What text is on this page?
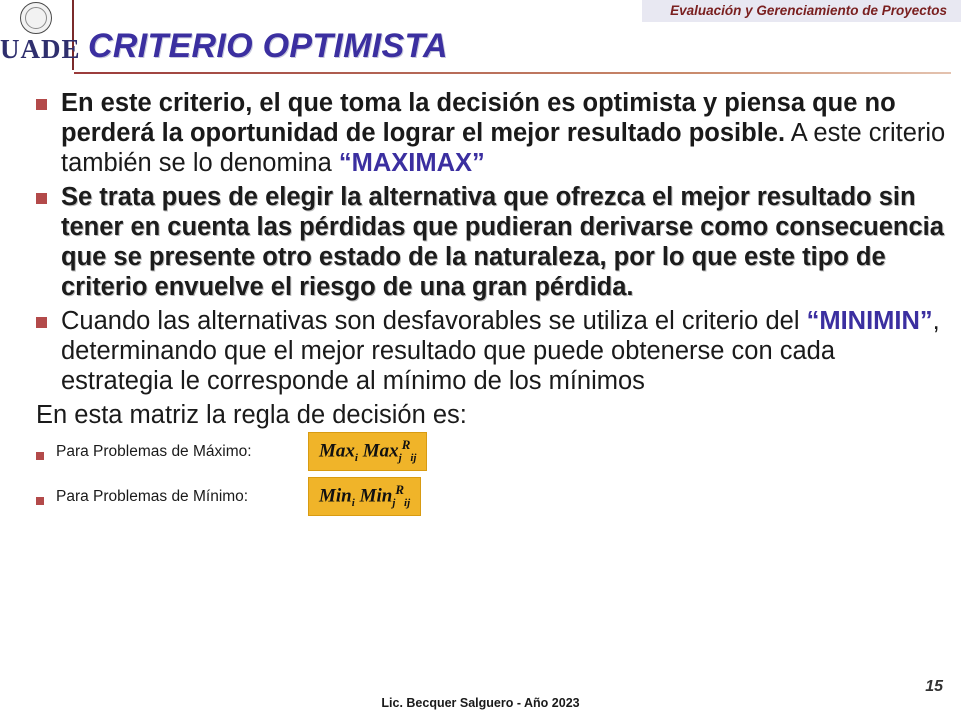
UADE
Evaluación y Gerenciamiento de Proyectos
CRITERIO OPTIMISTA
En este criterio, el que toma la decisión es optimista y piensa que no perderá la oportunidad de lograr el mejor resultado posible. A este criterio también se lo denomina “MAXIMAX”
Se trata pues de elegir la alternativa que ofrezca el mejor resultado sin tener en cuenta las pérdidas que pudieran derivarse como consecuencia que se presente otro estado de la naturaleza, por lo que este tipo de criterio envuelve el riesgo de una gran pérdida.
Cuando las alternativas son desfavorables se utiliza el criterio del “MINIMIN”, determinando que el mejor resultado que puede obtenerse con cada estrategia le corresponde al mínimo de los mínimos
En esta matriz la regla de decisión es:
Para Problemas de Máximo:	Max$_i$ Max$_j^R_{ij}$
Para Problemas de Mínimo:	Min$_i$ Min$_j^R_{ij}$
Lic. Becquer Salguero - Año 2023
15
